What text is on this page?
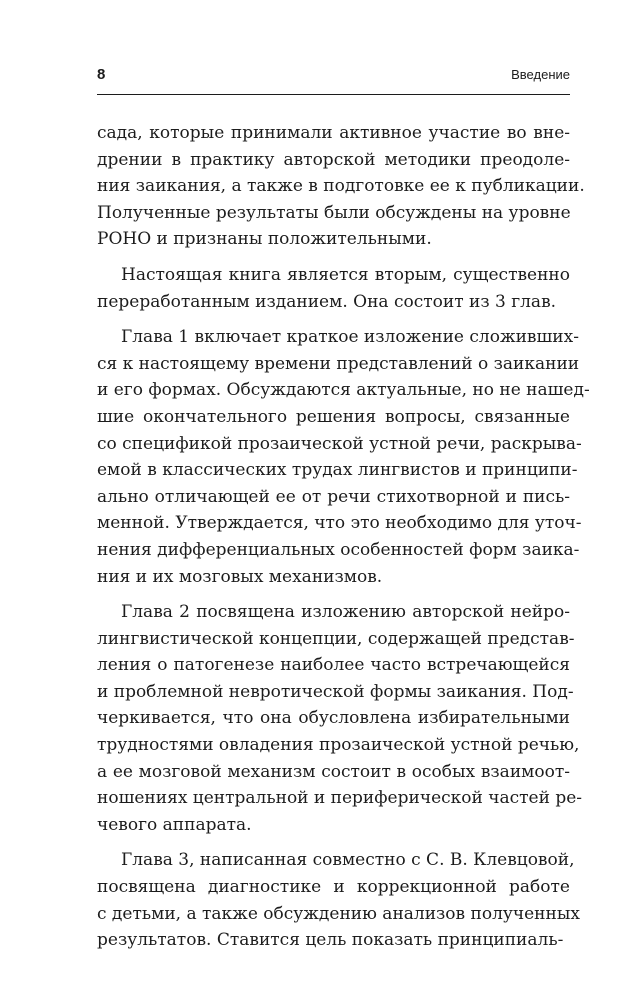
8	Введение
сада, которые принимали активное участие во вне-
дрении в практику авторской методики преодоле-
ния заикания, а также в подготовке ее к публикации.
Полученные результаты были обсуждены на уровне
РОНО и признаны положительными.
Настоящая книга является вторым, существенно
переработанным изданием. Она состоит из 3 глав.
Глава 1 включает краткое изложение сложивших-
ся к настоящему времени представлений о заикании
и его формах. Обсуждаются актуальные, но не нашед-
шие окончательного решения вопросы, связанные
со спецификой прозаической устной речи, раскрыва-
емой в классических трудах лингвистов и принципи-
ально отличающей ее от речи стихотворной и пись-
менной. Утверждается, что это необходимо для уточ-
нения дифференциальных особенностей форм заика-
ния и их мозговых механизмов.
Глава 2 посвящена изложению авторской нейро-
лингвистической концепции, содержащей представ-
ления о патогенезе наиболее часто встречающейся
и проблемной невротической формы заикания. Под-
черкивается, что она обусловлена избирательными
трудностями овладения прозаической устной речью,
а ее мозговой механизм состоит в особых взаимоот-
ношениях центральной и периферической частей ре-
чевого аппарата.
Глава 3, написанная совместно с С. В. Клевцовой,
посвящена диагностике и коррекционной работе
с детьми, а также обсуждению анализов полученных
результатов. Ставится цель показать принципиаль-
